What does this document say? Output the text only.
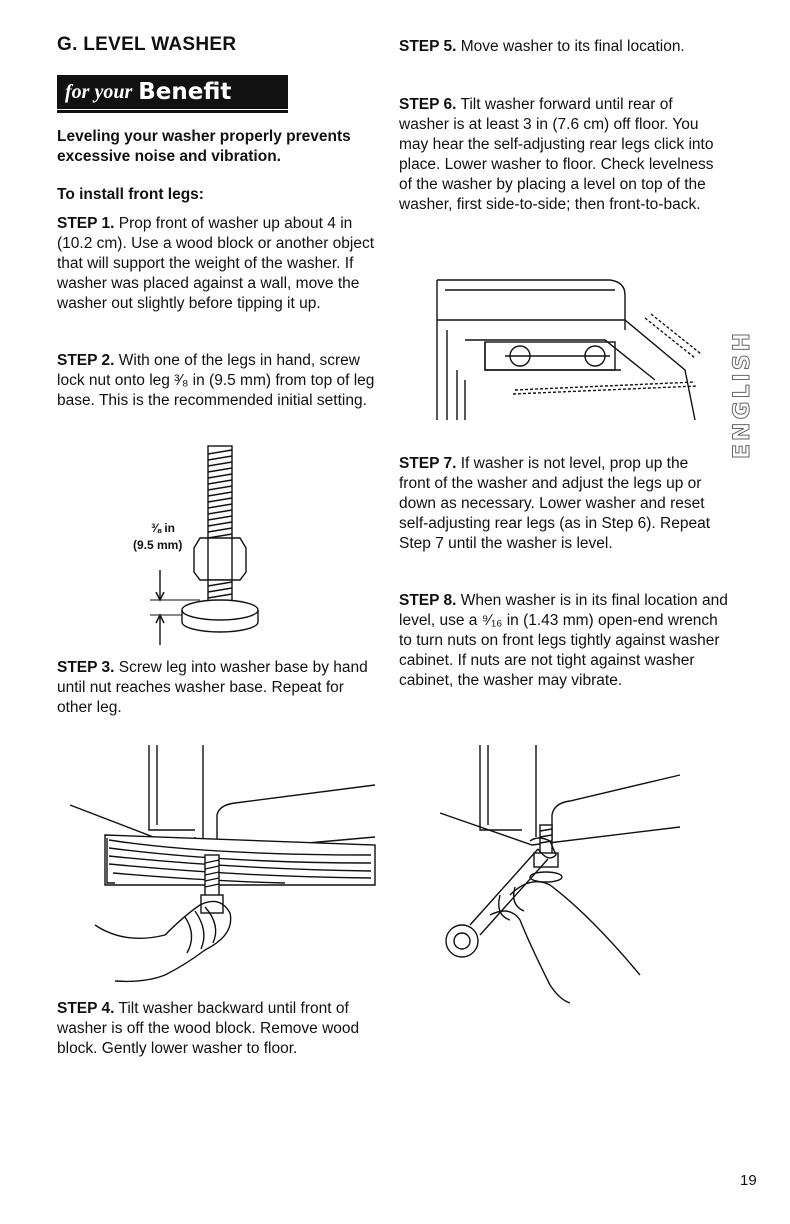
G. LEVEL WASHER
for your Benefit

Leveling your washer properly prevents excessive noise and vibration.

To install front legs:

STEP 1. Prop front of washer up about 4 in (10.2 cm). Use a wood block or another object that will support the weight of the washer. If washer was placed against a wall, move the washer out slightly before tipping it up.

STEP 2. With one of the legs in hand, screw lock nut onto leg ³⁄₈ in (9.5 mm) from top of leg base. This is the recommended initial setting.

⅜ in
(9.5 mm)

STEP 3. Screw leg into washer base by hand until nut reaches washer base. Repeat for other leg.

STEP 4. Tilt washer backward until front of washer is off the wood block. Remove wood block. Gently lower washer to floor.

STEP 5. Move washer to its final location.

STEP 6. Tilt washer forward until rear of washer is at least 3 in (7.6 cm) off floor. You may hear the self-adjusting rear legs click into place. Lower washer to floor. Check levelness of the washer by placing a level on top of the washer, first side-to-side; then front-to-back.

STEP 7. If washer is not level, prop up the front of the washer and adjust the legs up or down as necessary. Lower washer and reset self-adjusting rear legs (as in Step 6). Repeat Step 7 until the washer is level.

STEP 8. When washer is in its final location and level, use a ⁹⁄₁₆ in (1.43 mm) open-end wrench to turn nuts on front legs tightly against washer cabinet. If nuts are not tight against washer cabinet, the washer may vibrate.

ENGLISH
19
